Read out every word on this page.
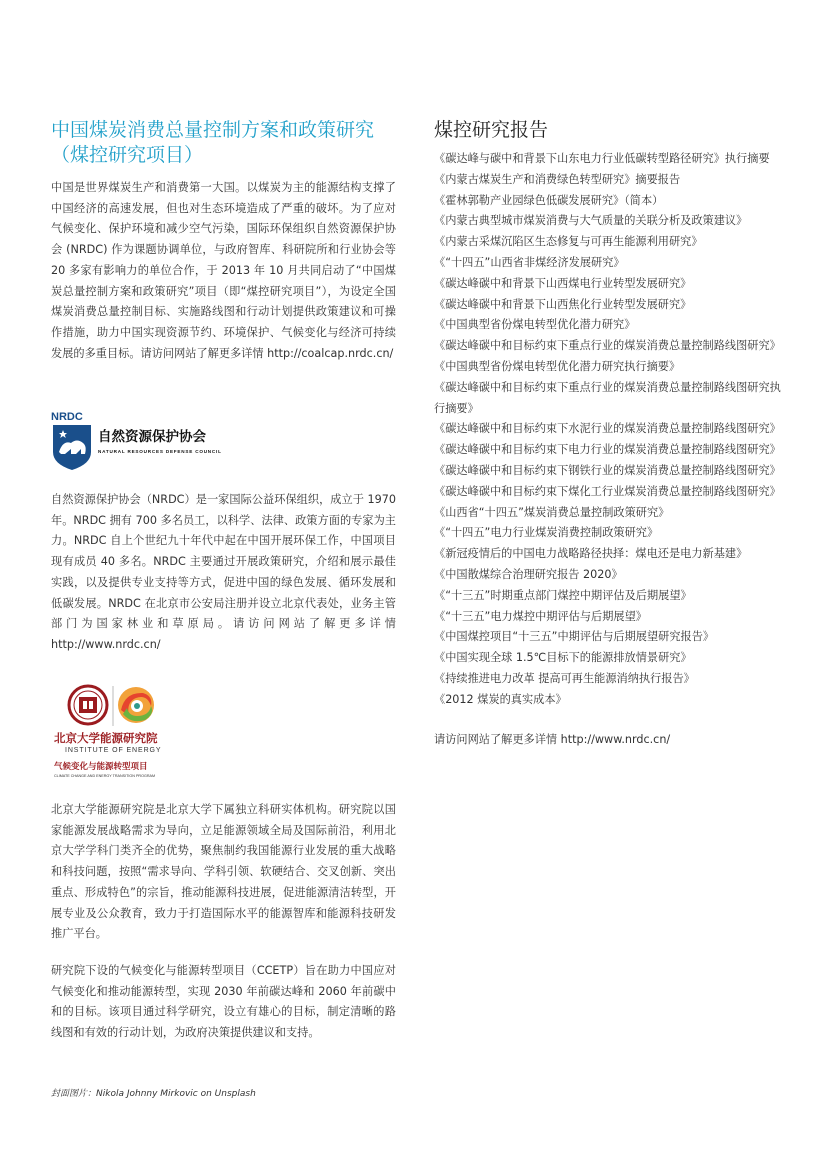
中国煤炭消费总量控制方案和政策研究
（煤控研究项目）

中国是世界煤炭生产和消费第一大国。以煤炭为主的能源结构支撑了中国经济的高速发展，但也对生态环境造成了严重的破坏。为了应对气候变化、保护环境和减少空气污染，国际环保组织自然资源保护协会 (NRDC) 作为课题协调单位，与政府智库、科研院所和行业协会等 20 多家有影响力的单位合作，于 2013 年 10 月共同启动了“中国煤炭总量控制方案和政策研究”项目（即“煤控研究项目”），为设定全国煤炭消费总量控制目标、实施路线图和行动计划提供政策建议和可操作措施，助力中国实现资源节约、环境保护、气候变化与经济可持续发展的多重目标。请访问网站了解更多详情 http://coalcap.nrdc.cn/

NRDC
自然资源保护协会
NATURAL RESOURCES DEFENSE COUNCIL

自然资源保护协会（NRDC）是一家国际公益环保组织，成立于 1970 年。NRDC 拥有 700 多名员工，以科学、法律、政策方面的专家为主力。NRDC 自上个世纪九十年代中起在中国开展环保工作，中国项目现有成员 40 多名。NRDC 主要通过开展政策研究，介绍和展示最佳实践，以及提供专业支持等方式，促进中国的绿色发展、循环发展和低碳发展。NRDC 在北京市公安局注册并设立北京代表处，业务主管部门为国家林业和草原局。请访问网站了解更多详情 http://www.nrdc.cn/

北京大学能源研究院
INSTITUTE OF ENERGY
气候变化与能源转型项目
CLIMATE CHANGE AND ENERGY TRANSITION PROGRAM

北京大学能源研究院是北京大学下属独立科研实体机构。研究院以国家能源发展战略需求为导向，立足能源领域全局及国际前沿，利用北京大学学科门类齐全的优势，聚焦制约我国能源行业发展的重大战略和科技问题，按照“需求导向、学科引领、软硬结合、交叉创新、突出重点、形成特色”的宗旨，推动能源科技进展，促进能源清洁转型，开展专业及公众教育，致力于打造国际水平的能源智库和能源科技研发推广平台。

研究院下设的气候变化与能源转型项目（CCETP）旨在助力中国应对气候变化和推动能源转型，实现 2030 年前碳达峰和 2060 年前碳中和的目标。该项目通过科学研究，设立有雄心的目标，制定清晰的路线图和有效的行动计划，为政府决策提供建议和支持。

封面图片：Nikola Johnny Mirkovic on Unsplash
煤控研究报告
《碳达峰与碳中和背景下山东电力行业低碳转型路径研究》执行摘要
《内蒙古煤炭生产和消费绿色转型研究》摘要报告
《霍林郭勒产业园绿色低碳发展研究》（简本）
《内蒙古典型城市煤炭消费与大气质量的关联分析及政策建议》
《内蒙古采煤沉陷区生态修复与可再生能源利用研究》
《“十四五”山西省非煤经济发展研究》
《碳达峰碳中和背景下山西煤电行业转型发展研究》
《碳达峰碳中和背景下山西焦化行业转型发展研究》
《中国典型省份煤电转型优化潜力研究》
《碳达峰碳中和目标约束下重点行业的煤炭消费总量控制路线图研究》
《中国典型省份煤电转型优化潜力研究执行摘要》
《碳达峰碳中和目标约束下重点行业的煤炭消费总量控制路线图研究执行摘要》
《碳达峰碳中和目标约束下水泥行业的煤炭消费总量控制路线图研究》
《碳达峰碳中和目标约束下电力行业的煤炭消费总量控制路线图研究》
《碳达峰碳中和目标约束下钢铁行业的煤炭消费总量控制路线图研究》
《碳达峰碳中和目标约束下煤化工行业煤炭消费总量控制路线图研究》
《山西省“十四五”煤炭消费总量控制政策研究》
《“十四五”电力行业煤炭消费控制政策研究》
《新冠疫情后的中国电力战略路径抉择：煤电还是电力新基建》
《中国散煤综合治理研究报告 2020》
《“十三五”时期重点部门煤控中期评估及后期展望》
《“十三五”电力煤控中期评估与后期展望》
《中国煤控项目“十三五”中期评估与后期展望研究报告》
《中国实现全球 1.5℃目标下的能源排放情景研究》
《持续推进电力改革 提高可再生能源消纳执行报告》
《2012 煤炭的真实成本》
请访问网站了解更多详情 http://www.nrdc.cn/
